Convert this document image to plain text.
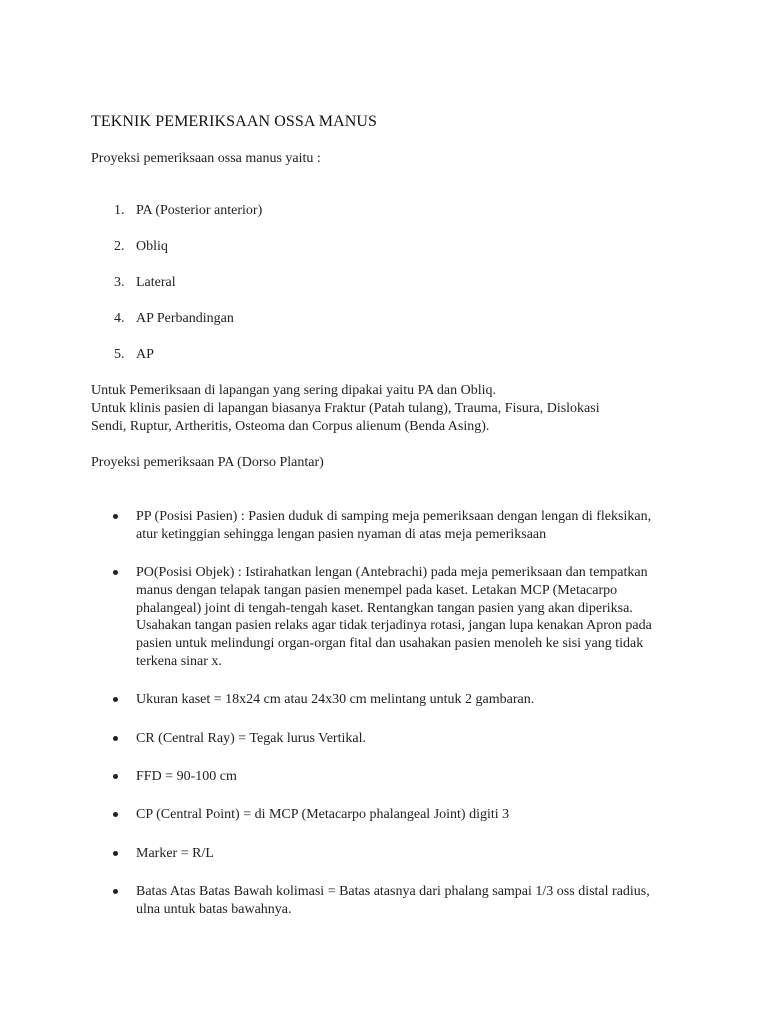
TEKNIK PEMERIKSAAN OSSA MANUS

Proyeksi pemeriksaan ossa manus yaitu :

1. PA (Posterior anterior)

2. Obliq

3. Lateral

4. AP Perbandingan

5. AP

Untuk Pemeriksaan di lapangan yang sering dipakai yaitu PA dan Obliq.

Untuk klinis pasien di lapangan biasanya Fraktur (Patah tulang), Trauma, Fisura, Dislokasi Sendi, Ruptur, Artheritis, Osteoma dan Corpus alienum (Benda Asing).

Proyeksi pemeriksaan PA (Dorso Plantar)

PP (Posisi Pasien) : Pasien duduk di samping meja pemeriksaan dengan lengan di fleksikan, atur ketinggian sehingga lengan pasien nyaman di atas meja pemeriksaan
PO(Posisi Objek) : Istirahatkan lengan (Antebrachi) pada meja pemeriksaan dan tempatkan manus dengan telapak tangan pasien menempel pada kaset. Letakan MCP (Metacarpo phalangeal) joint di tengah-tengah kaset. Rentangkan tangan pasien yang akan diperiksa. Usahakan tangan pasien relaks agar tidak terjadinya rotasi, jangan lupa kenakan Apron pada pasien untuk melindungi organ-organ fital dan usahakan pasien menoleh ke sisi yang tidak terkena sinar x.
Ukuran kaset = 18x24 cm atau 24x30 cm melintang untuk 2 gambaran.
CR (Central Ray) = Tegak lurus Vertikal.
FFD = 90-100 cm
CP (Central Point) = di MCP (Metacarpo phalangeal Joint) digiti 3
Marker = R/L
Batas Atas Batas Bawah kolimasi = Batas atasnya dari phalang sampai 1/3 oss distal radius, ulna untuk batas bawahnya.
